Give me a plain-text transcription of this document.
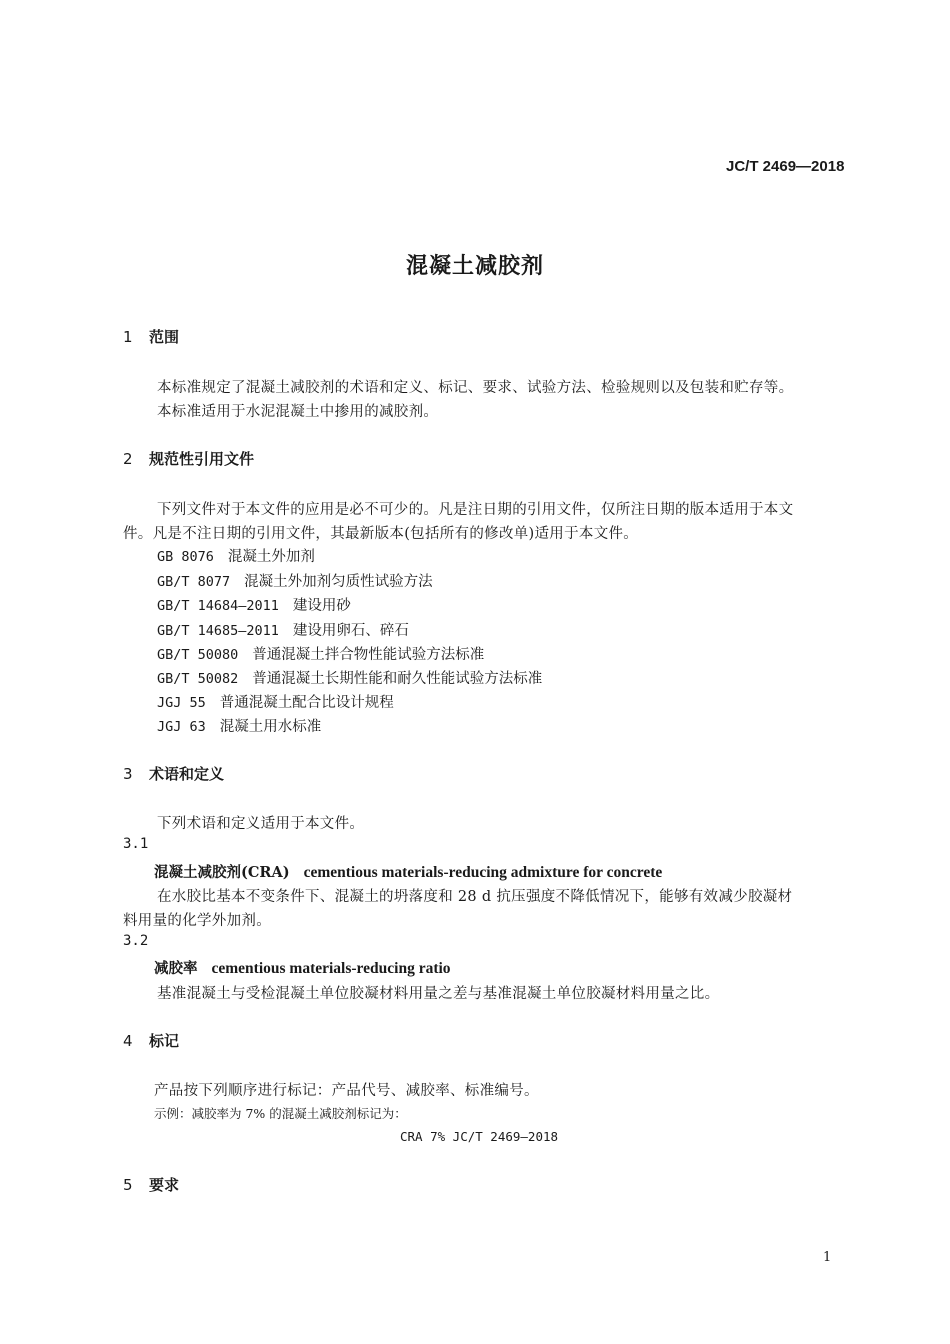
JC/T 2469—2018
混凝土减胶剂
1 范围
本标准规定了混凝土减胶剂的术语和定义、标记、要求、试验方法、检验规则以及包装和贮存等。
本标准适用于水泥混凝土中掺用的减胶剂。
2 规范性引用文件
下列文件对于本文件的应用是必不可少的。凡是注日期的引用文件，仅所注日期的版本适用于本文
件。凡是不注日期的引用文件，其最新版本(包括所有的修改单)适用于本文件。
GB 8076 混凝土外加剂
GB/T 8077 混凝土外加剂匀质性试验方法
GB/T 14684—2011 建设用砂
GB/T 14685—2011 建设用卵石、碎石
GB/T 50080 普通混凝土拌合物性能试验方法标准
GB/T 50082 普通混凝土长期性能和耐久性能试验方法标准
JGJ 55 普通混凝土配合比设计规程
JGJ 63 混凝土用水标准
3 术语和定义
下列术语和定义适用于本文件。
3.1
混凝土减胶剂(CRA) cementious materials-reducing admixture for concrete
在水胶比基本不变条件下、混凝土的坍落度和 28 d 抗压强度不降低情况下，能够有效减少胶凝材
料用量的化学外加剂。
3.2
减胶率 cementious materials-reducing ratio
基准混凝土与受检混凝土单位胶凝材料用量之差与基准混凝土单位胶凝材料用量之比。
4 标记
产品按下列顺序进行标记：产品代号、减胶率、标准编号。
示例：减胶率为 7% 的混凝土减胶剂标记为：
CRA 7% JC/T 2469—2018
5 要求
1
